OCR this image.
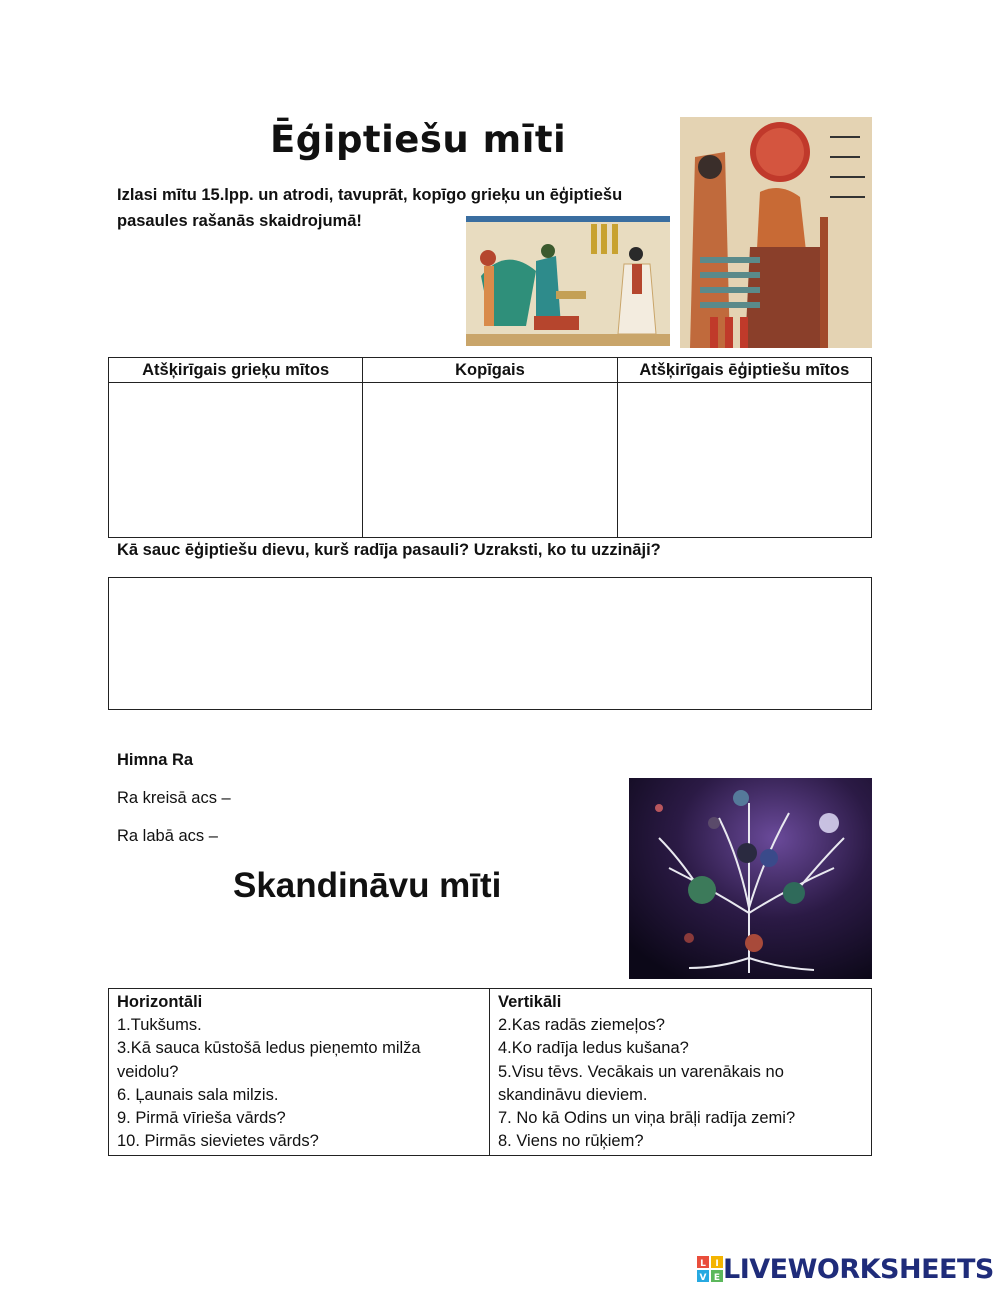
Ēģiptiešu mīti
Izlasi mītu 15.lpp. un atrodi, tavuprāt, kopīgo grieķu un ēģiptiešu pasaules rašanās skaidrojumā!
Atšķirīgais grieķu mītos	Kopīgais	Atšķirīgais ēģiptiešu mītos

Kā sauc ēģiptiešu dievu, kurš radīja pasauli? Uzraksti, ko tu uzzināji?
Himna Ra
Ra kreisā acs –
Ra labā acs –
Skandināvu mīti
Horizontāli
1.Tukšums.
3.Kā sauca kūstošā ledus pieņemto milža veidolu?
6. Ļaunais sala milzis.
9. Pirmā vīrieša vārds?
10. Pirmās sievietes vārds?

Vertikāli
2.Kas radās ziemeļos?
4.Ko radīja ledus kušana?
5.Visu tēvs. Vecākais un varenākais no skandināvu dieviem.
7. No kā Odins un viņa brāļi radīja zemi?
8. Viens no rūķiem?
L I
V E LIVEWORKSHEETS
